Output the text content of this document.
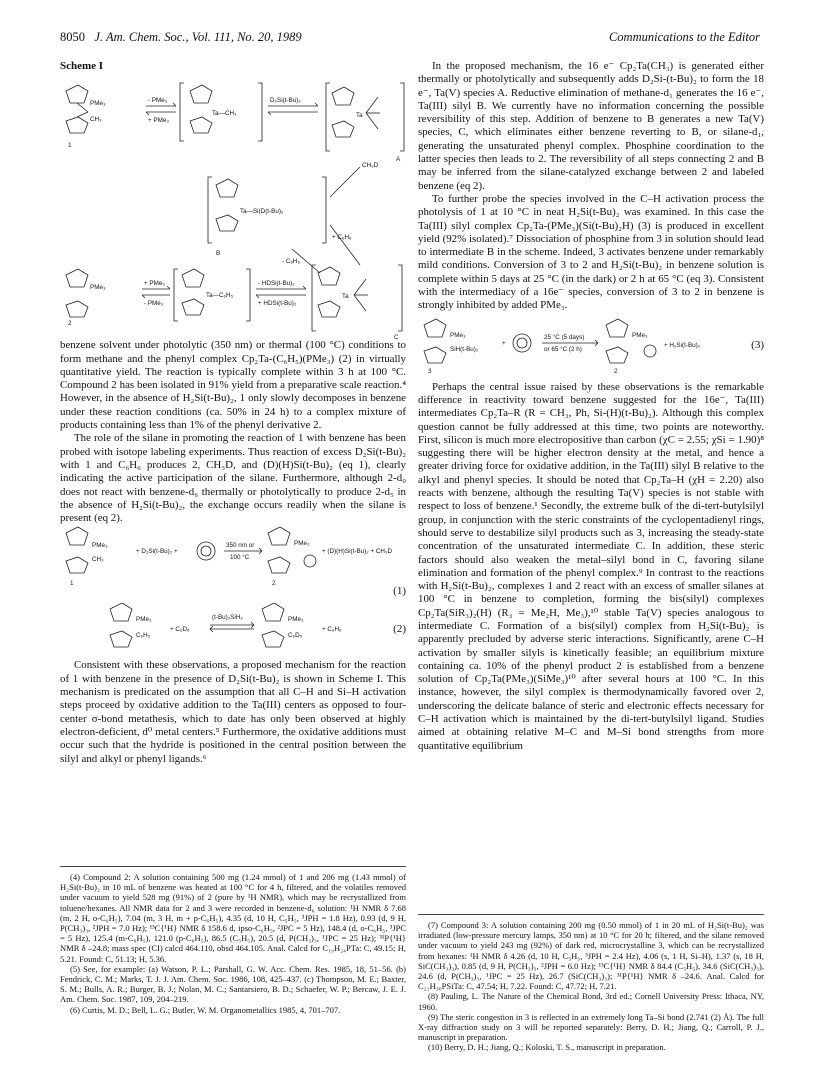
8050 J. Am. Chem. Soc., Vol. 111, No. 20, 1989	Communications to the Editor
Scheme I
PMe₃
CH₃
1
- PMe₃
+ PMe₃
Ta—CH₃
D₂Si(t-Bu)₂
Ta
A
CH₃D
Ta—Si(D(t-Bu)₂
B
+ C₆H₆
- C₆H₆
PMe₃
2
+ PMe₃
- PMe₃
Ta—C₆H₅
- HDSi(t-Bu)₂
+ HDSi(t-Bu)₂
Ta
C

benzene solvent under photolytic (350 nm) or thermal (100 °C) conditions to form methane and the phenyl complex Cp₂Ta-(C₆H₅)(PMe₃) (2) in virtually quantitative yield. The reaction is typically complete within 3 h at 100 °C. Compound 2 has been isolated in 91% yield from a preparative scale reaction.⁴ However, in the absence of H₂Si(t-Bu)₂, 1 only slowly decomposes in benzene under these reaction conditions (ca. 50% in 24 h) to a complex mixture of products containing less than 1% of the phenyl derivative 2.

The role of the silane in promoting the reaction of 1 with benzene has been probed with isotope labeling experiments. Thus reaction of excess D₂Si(t-Bu)₂ with 1 and C₆H₆ produces 2, CH₃D, and (D)(H)Si(t-Bu)₂ (eq 1), clearly indicating the active participation of the silane. Furthermore, although 2-d₀ does not react with benzene-d₆ thermally or photolytically to produce 2-d₅ in the absence of H₂Si(t-Bu)₂, the exchange occurs readily when the silane is present (eq 2).

PMe₃
CH₃
1
+ D₂Si(t-Bu)₂ +
350 nm or
100 °C
PMe₃
2
+ (D)(H)Si(t-Bu)₂ + CH₃D
(1)
PMe₃
C₆H₅
+ C₆D₆
(t-Bu)₂SiH₂	PMe₃
C₆D₅
+ C₆H₆	(2)

Consistent with these observations, a proposed mechanism for the reaction of 1 with benzene in the presence of D₂Si(t-Bu)₂ is shown in Scheme I. This mechanism is predicated on the assumption that all C–H and Si–H activation steps proceed by oxidative addition to the Ta(III) centers as opposed to four-center σ-bond metathesis, which to date has only been observed at highly electron-deficient, d⁰ metal centers.⁵ Furthermore, the oxidative additions must occur such that the hydride is positioned in the central position between the silyl and alkyl or phenyl ligands.⁶

In the proposed mechanism, the 16 e⁻ Cp₂Ta(CH₃) is generated either thermally or photolytically and subsequently adds D₂Si-(t-Bu)₂ to form the 18 e⁻, Ta(V) species A. Reductive elimination of methane-d₁ generates the 16 e⁻, Ta(III) silyl B. We currently have no information concerning the possible reversibility of this step. Addition of benzene to B generates a new Ta(V) species, C, which eliminates either benzene reverting to B, or silane-d₁, generating the unsaturated phenyl complex. Phosphine coordination to the latter species then leads to 2. The reversibility of all steps connecting 2 and B may be inferred from the silane-catalyzed exchange between 2 and labeled benzene (eq 2).

To further probe the species involved in the C–H activation process the photolysis of 1 at 10 °C in neat H₂Si(t-Bu)₂ was examined. In this case the Ta(III) silyl complex Cp₂Ta-(PMe₃)(Si(t-Bu)₂H) (3) is produced in excellent yield (92% isolated).⁷ Dissociation of phosphine from 3 in solution should lead to intermediate B in the scheme. Indeed, 3 activates benzene under remarkably mild conditions. Conversion of 3 to 2 and H₂Si(t-Bu)₂ in benzene solution is complete within 5 days at 25 °C (in the dark) or 2 h at 65 °C (eq 3). Consistent with the intermediacy of a 16e⁻ species, conversion of 3 to 2 in benzene is strongly inhibited by added PMe₃.

PMe₃
SiH(t-Bu)₂
3
+
25 °C (5 days)
or 65 °C (2 h)
PMe₃
2
+ H₂Si(t-Bu)₂	(3)

Perhaps the central issue raised by these observations is the remarkable difference in reactivity toward benzene suggested for the 16e⁻, Ta(III) intermediates Cp₂Ta–R (R = CH₃, Ph, Si-(H)(t-Bu)₂). Although this complex question cannot be fully addressed at this time, two points are noteworthy. First, silicon is much more electropositive than carbon (χC = 2.55; χSi = 1.90)⁸ suggesting there will be higher electron density at the metal, and hence a greater driving force for oxidative addition, in the Ta(III) silyl B relative to the alkyl and phenyl species. It should be noted that Cp₂Ta–H (χH = 2.20) also reacts with benzene, although the resulting Ta(V) species is not stable with respect to loss of benzene.¹ Secondly, the extreme bulk of the di-tert-butylsilyl group, in conjunction with the steric constraints of the cyclopentadienyl rings, should serve to destabilize silyl products such as 3, increasing the steady-state concentration of the unsaturated intermediate C. In addition, these steric factors should also weaken the metal–silyl bond in C, favoring silane elimination and formation of the phenyl complex.⁹ In contrast to the reactions with H₂Si(t-Bu)₂, complexes 1 and 2 react with an excess of smaller silanes at 100 °C in benzene to completion, forming the bis(silyl) complexes Cp₂Ta(SiR₃)₂(H) (R₃ = Me₂H, Me₃),¹⁰ stable Ta(V) species analogous to intermediate C. Formation of a bis(silyl) complex from H₂Si(t-Bu)₂ is apparently precluded by adverse steric interactions. Significantly, arene C–H activation by smaller silyls is kinetically feasible; an equilibrium mixture containing ca. 10% of the phenyl product 2 is established from a benzene solution of Cp₂Ta(PMe₃)(SiMe₃)¹⁰ after several hours at 100 °C. In this instance, however, the silyl complex is thermodynamically favored over 2, underscoring the delicate balance of steric and electronic effects necessary for C–H activation which is maintained by the di-tert-butylsilyl ligand. Studies aimed at obtaining relative M–C and M–Si bond strengths from more quantitative equilibrium

(4) Compound 2: A solution containing 500 mg (1.24 mmol) of 1 and 206 mg (1.43 mmol) of H₂Si(t-Bu)₂ in 10 mL of benzene was heated at 100 °C for 4 h, filtered, and the volatiles removed under vacuum to yield 528 mg (91%) of 2 (pure by ¹H NMR), which may be recrystallized from toluene/hexanes. All NMR data for 2 and 3 were recorded in benzene-d₆ solution: ¹H NMR δ 7.68 (m, 2 H, o-C₆H₅), 7.04 (m, 3 H, m + p-C₆H₅), 4.35 (d, 10 H, C₅H₅, ³JPH = 1.8 Hz), 0.93 (d, 9 H, P(CH₃)₃, ²JPH = 7.0 Hz); ¹³C{¹H} NMR δ 158.6 d, ipso-C₆H₅, ²JPC = 5 Hz), 148.4 (d, o-C₆H₅, ³JPC = 5 Hz), 125.4 (m-C₆H₅), 121.0 (p-C₆H₅), 86.5 (C₅H₅), 20.5 (d, P(CH₃)₃, ¹JPC = 25 Hz); ³¹P{¹H} NMR δ –24.8; mass spec (CI) calcd 464.110, obsd 464.105. Anal. Calcd for C₁₉H₂₄PTa: C, 49.15; H, 5.21. Found: C, 51.13; H, 5.36.

(5) See, for example: (a) Watson, P. L.; Parshall, G. W. Acc. Chem. Res. 1985, 18, 51–56. (b) Fendrick, C. M.; Marks, T. J. J. Am. Chem. Soc. 1986, 108, 425–437. (c) Thompson, M. E.; Baxter, S. M.; Bulls, A. R.; Burger, B. J.; Nolan, M. C.; Santarsiero, B. D.; Schaefer, W. P.; Bercaw, J. E. J. Am. Chem. Soc. 1987, 109, 204–219.

(6) Curtis, M. D.; Bell, L. G.; Butler, W. M. Organometallics 1985, 4, 701–707.

(7) Compound 3: A solution containing 200 mg (0.50 mmol) of 1 in 20 mL of H₂Si(t-Bu)₂ was irradiated (low-pressure mercury lamps, 350 nm) at 10 °C for 20 h; filtered, and the silane removed under vacuum to yield 243 mg (92%) of dark red, microcrystalline 3, which can be recrystallized from hexanes: ¹H NMR δ 4.26 (d, 10 H, C₅H₅, ³JPH = 2.4 Hz), 4.06 (s, 1 H, Si–H), 1.37 (s, 18 H, SiC(CH₃)₃), 0.85 (d, 9 H, P(CH₃)₃, ²JPH = 6.0 Hz); ¹³C{¹H} NMR δ 84.4 (C₅H₅), 34.6 (SiC(CH₃)₃), 24.6 (d, P(CH₃)₃, ¹JPC = 25 Hz), 26.7 (SiC(CH₃)₃); ³¹P{¹H} NMR δ –24.6. Anal. Calcd for C₂₁H₃₆PSiTa: C, 47.54; H, 7.22. Found: C, 47.72; H, 7.21.

(8) Pauling, L. The Nature of the Chemical Bond, 3rd ed.; Cornell University Press: Ithaca, NY, 1960.

(9) The steric congestion in 3 is reflected in an extremely long Ta–Si bond (2.741 (2) Å). The full X-ray diffraction study on 3 will be reported separately: Berry, D. H.; Jiang, Q.; Carroll, P. J., manuscript in preparation.

(10) Berry, D. H.; Jiang, Q.; Koloski, T. S., manuscript in preparation.
